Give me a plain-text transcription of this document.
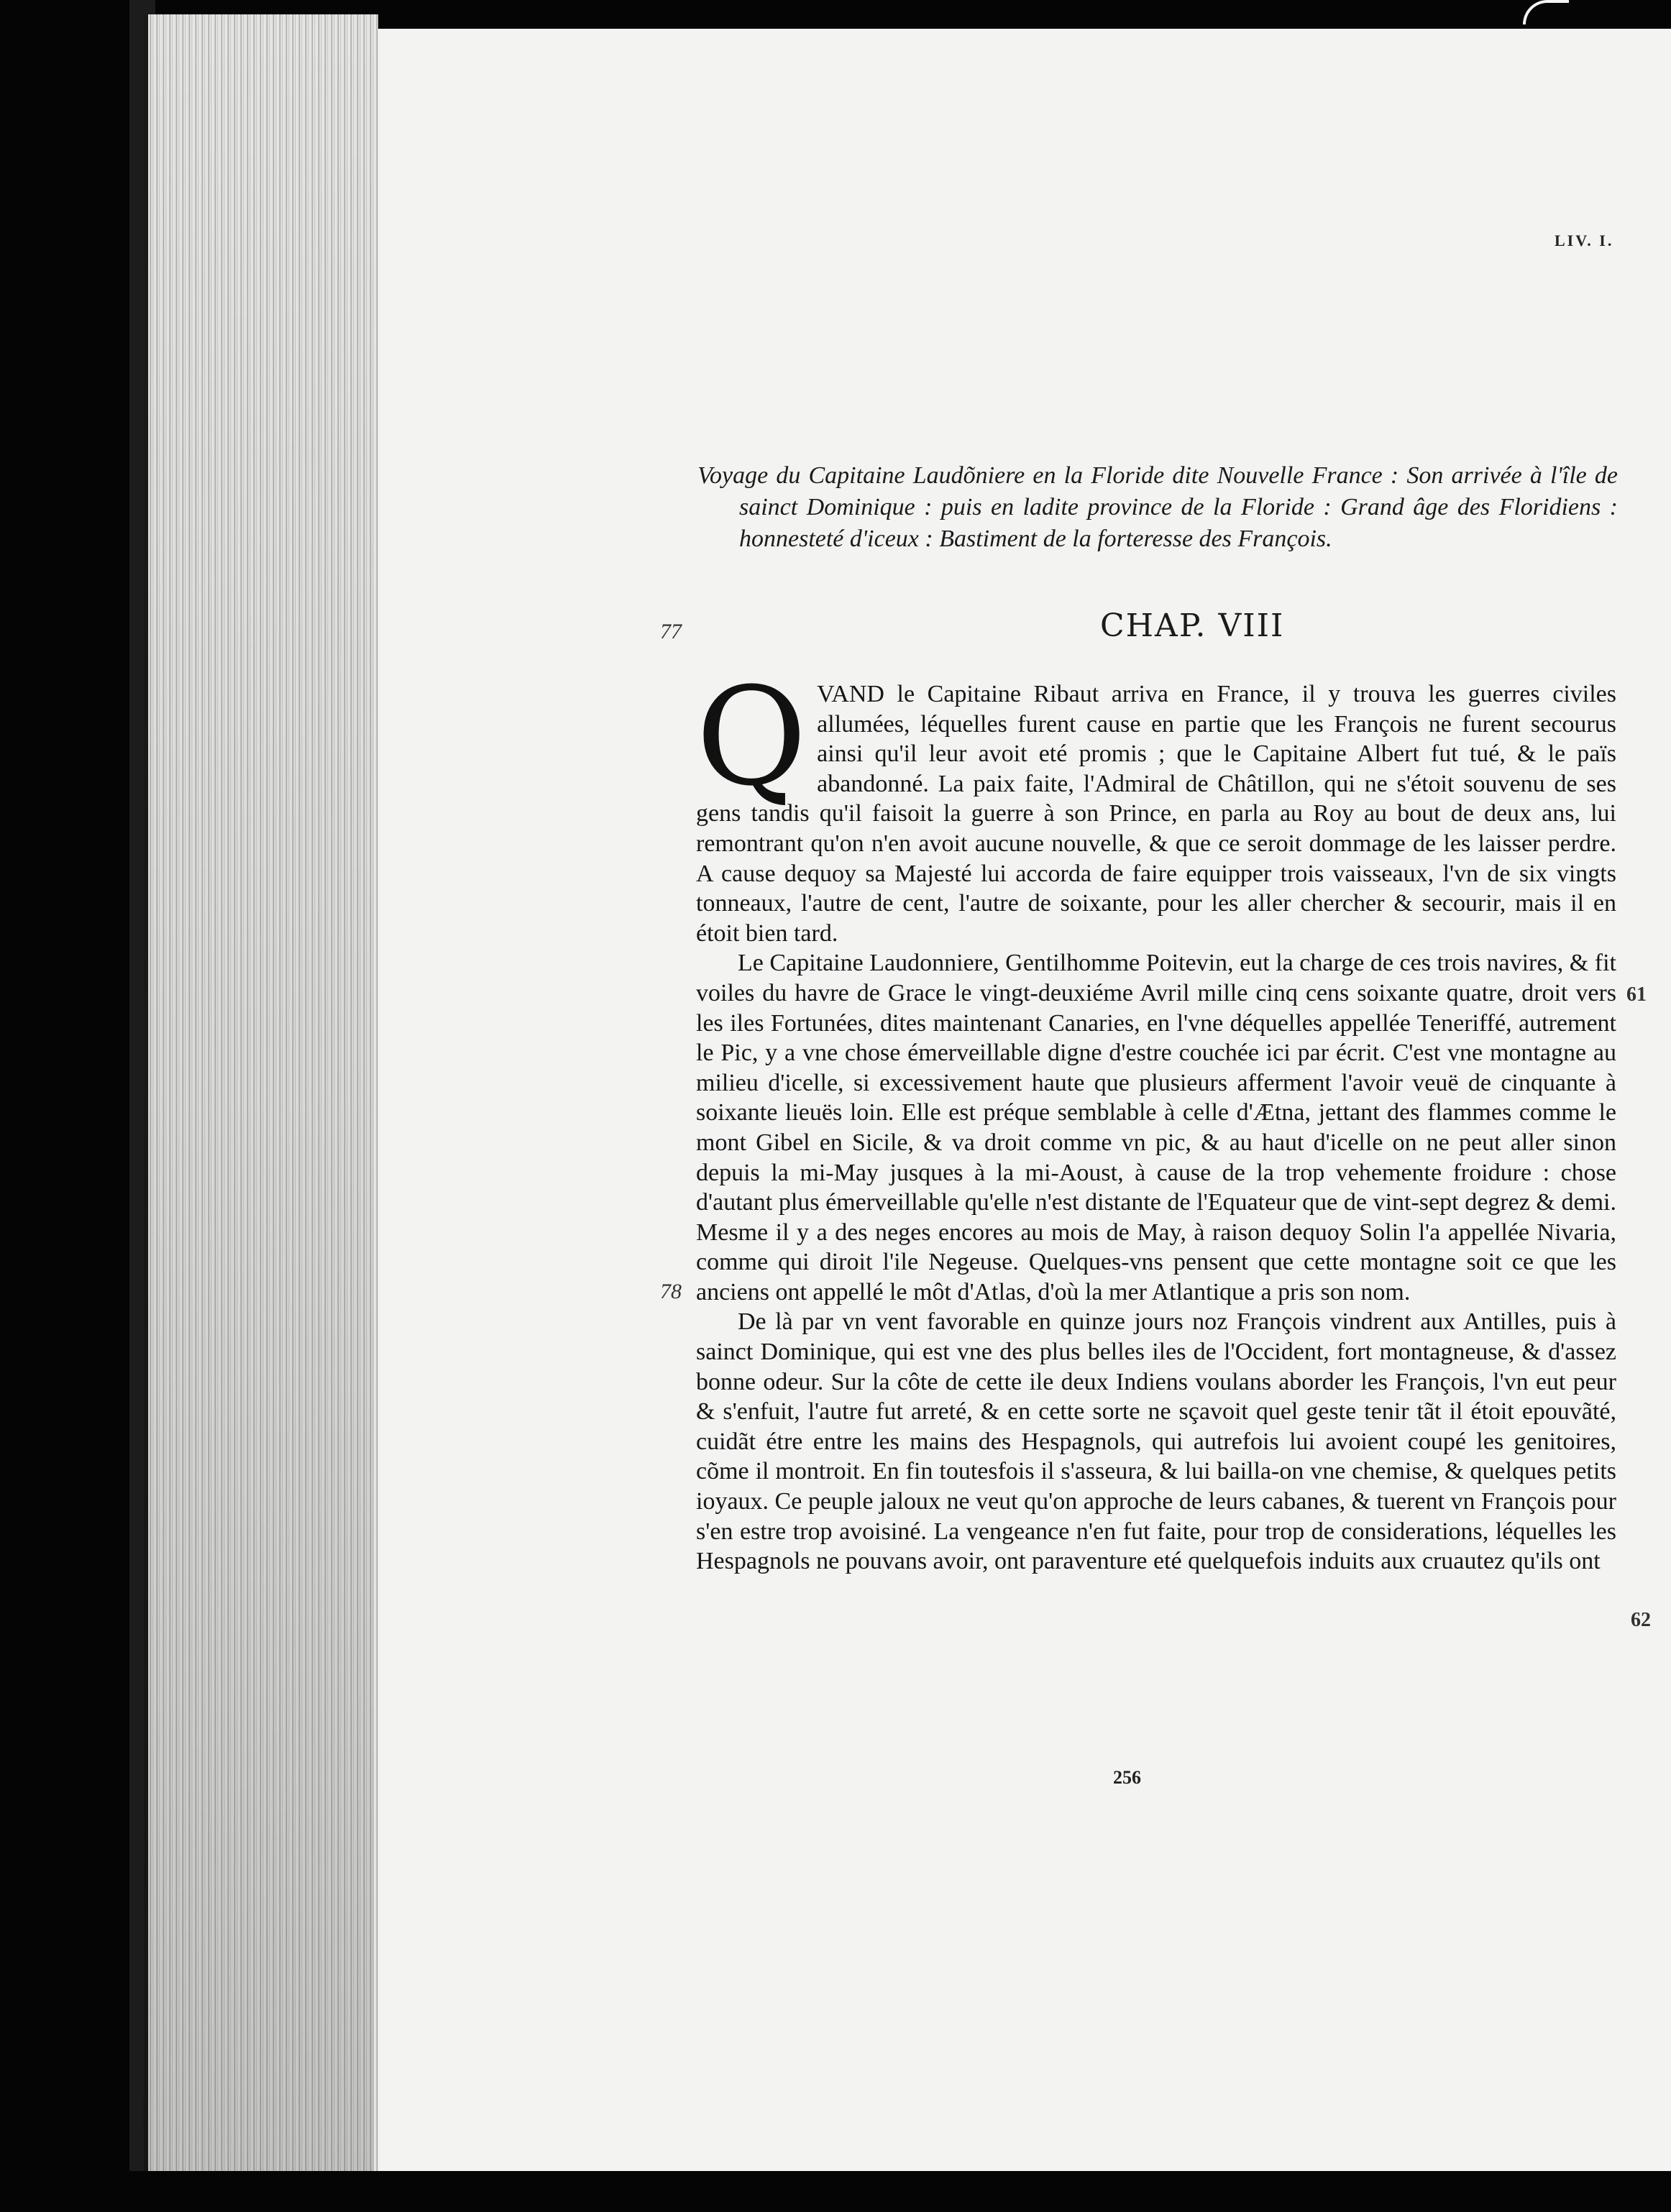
LIV. I.
Voyage du Capitaine Laudõniere en la Floride dite Nouvelle France : Son arrivée à l'île de sainct Dominique : puis en ladite province de la Floride : Grand âge des Floridiens : honnesteté d'iceux : Bastiment de la forteresse des François.
CHAP. VIII
77
78
61
62

QVAND le Capitaine Ribaut arriva en France, il y trouva les guerres civiles allumées, léquelles furent cause en partie que les François ne furent secourus ainsi qu'il leur avoit eté promis ; que le Capitaine Albert fut tué, & le païs abandonné. La paix faite, l'Admiral de Châtillon, qui ne s'étoit souvenu de ses gens tandis qu'il faisoit la guerre à son Prince, en parla au Roy au bout de deux ans, lui remontrant qu'on n'en avoit aucune nouvelle, & que ce seroit dommage de les laisser perdre. A cause dequoy sa Majesté lui accorda de faire equipper trois vaisseaux, l'vn de six vingts tonneaux, l'autre de cent, l'autre de soixante, pour les aller chercher & secourir, mais il en étoit bien tard.

Le Capitaine Laudonniere, Gentilhomme Poitevin, eut la charge de ces trois navires, & fit voiles du havre de Grace le vingt-deuxiéme Avril mille cinq cens soixante quatre, droit vers les iles Fortunées, dites maintenant Canaries, en l'vne déquelles appellée Teneriffé, autrement le Pic, y a vne chose émerveillable digne d'estre couchée ici par écrit. C'est vne montagne au milieu d'icelle, si excessivement haute que plusieurs afferment l'avoir veuë de cinquante à soixante lieuës loin. Elle est préque semblable à celle d'Ætna, jettant des flammes comme le mont Gibel en Sicile, & va droit comme vn pic, & au haut d'icelle on ne peut aller sinon depuis la mi-May jusques à la mi-Aoust, à cause de la trop vehemente froidure : chose d'autant plus émerveillable qu'elle n'est distante de l'Equateur que de vint-sept degrez & demi. Mesme il y a des neges encores au mois de May, à raison dequoy Solin l'a appellée Nivaria, comme qui diroit l'ile Negeuse. Quelques-vns pensent que cette montagne soit ce que les anciens ont appellé le môt d'Atlas, d'où la mer Atlantique a pris son nom.

De là par vn vent favorable en quinze jours noz François vindrent aux Antilles, puis à sainct Dominique, qui est vne des plus belles iles de l'Occident, fort montagneuse, & d'assez bonne odeur. Sur la côte de cette ile deux Indiens voulans aborder les François, l'vn eut peur & s'enfuit, l'autre fut arreté, & en cette sorte ne sçavoit quel geste tenir tãt il étoit epouvãté, cuidãt étre entre les mains des Hespagnols, qui autrefois lui avoient coupé les genitoires, cõme il montroit. En fin toutesfois il s'asseura, & lui bailla-on vne chemise, & quelques petits ioyaux. Ce peuple jaloux ne veut qu'on approche de leurs cabanes, & tuerent vn François pour s'en estre trop avoisiné. La vengeance n'en fut faite, pour trop de considerations, léquelles les Hespagnols ne pouvans avoir, ont paraventure eté quelquefois induits aux cruautez qu'ils ont

256
